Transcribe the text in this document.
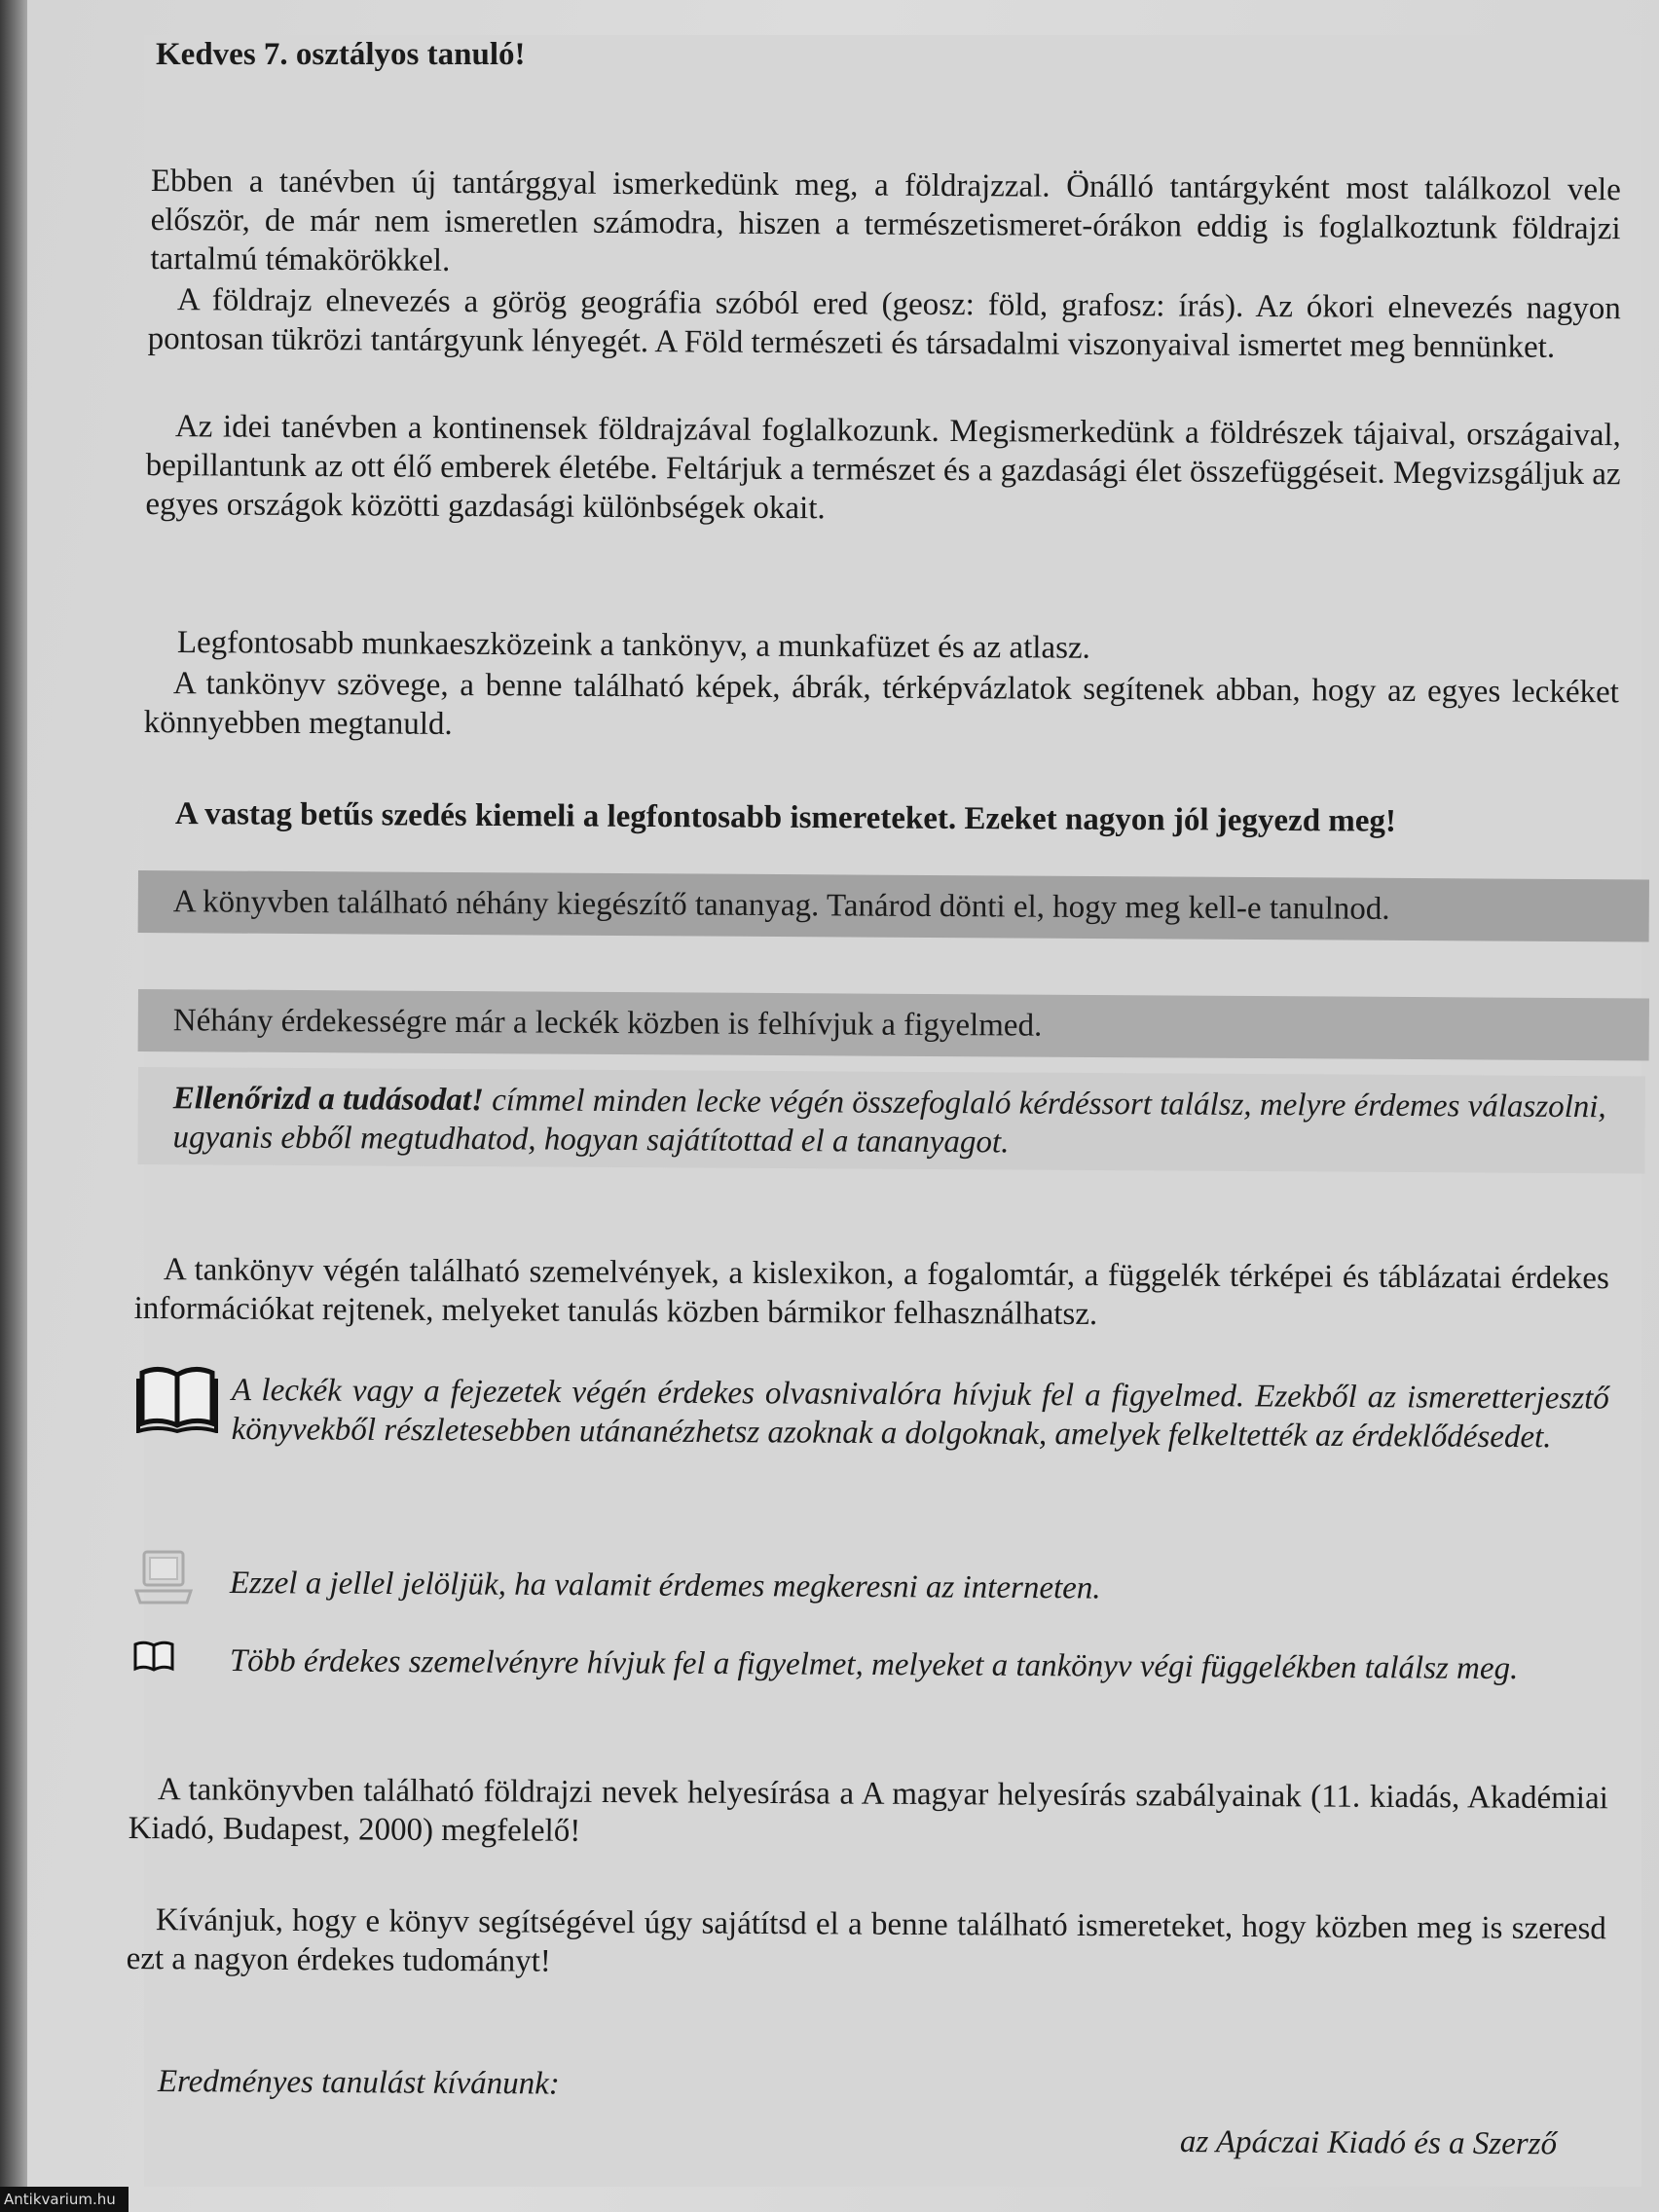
Kedves 7. osztályos tanuló!
Ebben a tanévben új tantárggyal ismerkedünk meg, a földrajzzal. Önálló tantárgyként most találkozol vele először, de már nem ismeretlen számodra, hiszen a természetismeret-órákon eddig is foglalkoztunk földrajzi tartalmú témakörökkel.
A földrajz elnevezés a görög geográfia szóból ered (geosz: föld, grafosz: írás). Az ókori elnevezés nagyon pontosan tükrözi tantárgyunk lényegét. A Föld természeti és társadalmi viszonyaival ismertet meg bennünket.
Az idei tanévben a kontinensek földrajzával foglalkozunk. Megismerkedünk a földrészek tájaival, országaival, bepillantunk az ott élő emberek életébe. Feltárjuk a természet és a gazdasági élet összefüggéseit. Megvizsgáljuk az egyes országok közötti gazdasági különbségek okait.
Legfontosabb munkaeszközeink a tankönyv, a munkafüzet és az atlasz.
A tankönyv szövege, a benne található képek, ábrák, térképvázlatok segítenek abban, hogy az egyes leckéket könnyebben megtanuld.
A vastag betűs szedés kiemeli a legfontosabb ismereteket. Ezeket nagyon jól jegyezd meg!
A könyvben található néhány kiegészítő tananyag. Tanárod dönti el, hogy meg kell-e tanulnod.
Néhány érdekességre már a leckék közben is felhívjuk a figyelmed.
Ellenőrizd a tudásodat! címmel minden lecke végén összefoglaló kérdéssort találsz, melyre érdemes válaszolni, ugyanis ebből megtudhatod, hogyan sajátítottad el a tananyagot.
A tankönyv végén található szemelvények, a kislexikon, a fogalomtár, a függelék térképei és táblázatai érdekes információkat rejtenek, melyeket tanulás közben bármikor felhasználhatsz.
A leckék vagy a fejezetek végén érdekes olvasnivalóra hívjuk fel a figyelmed. Ezekből az ismeretterjesztő könyvekből részletesebben utánanézhetsz azoknak a dolgoknak, amelyek felkeltették az érdeklődésedet.
Ezzel a jellel jelöljük, ha valamit érdemes megkeresni az interneten.
Több érdekes szemelvényre hívjuk fel a figyelmet, melyeket a tankönyv végi függelékben találsz meg.
A tankönyvben található földrajzi nevek helyesírása a A magyar helyesírás szabályainak (11. kiadás, Akadémiai Kiadó, Budapest, 2000) megfelelő!
Kívánjuk, hogy e könyv segítségével úgy sajátítsd el a benne található ismereteket, hogy közben meg is szeresd ezt a nagyon érdekes tudományt!
Eredményes tanulást kívánunk:
az Apáczai Kiadó és a Szerző
Antikvarium.hu
